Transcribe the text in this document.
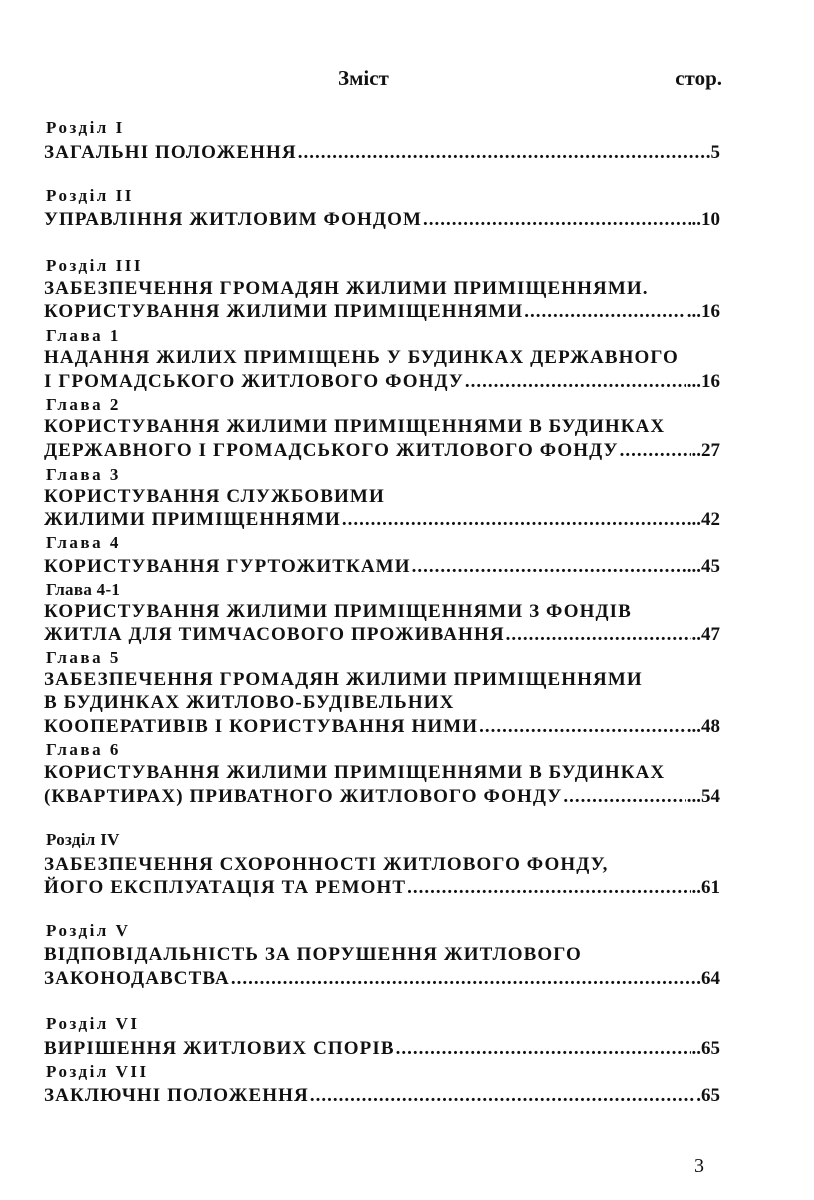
Зміст	стор.
Розділ I
ЗАГАЛЬНІ ПОЛОЖЕННЯ .....	.5
Розділ II
УПРАВЛІННЯ ЖИТЛОВИМ ФОНДОМ .....	..10
Розділ III
ЗАБЕЗПЕЧЕННЯ ГРОМАДЯН ЖИЛИМИ ПРИМІЩЕННЯМИ.
КОРИСТУВАННЯ ЖИЛИМИ ПРИМІЩЕННЯМИ .....	...16
Глава 1
НАДАННЯ ЖИЛИХ ПРИМІЩЕНЬ У БУДИНКАХ ДЕРЖАВНОГО
І ГРОМАДСЬКОГО ЖИТЛОВОГО ФОНДУ .....	...16
Глава 2
КОРИСТУВАННЯ ЖИЛИМИ ПРИМІЩЕННЯМИ В БУДИНКАХ
ДЕРЖАВНОГО І ГРОМАДСЬКОГО ЖИТЛОВОГО ФОНДУ .....	..27
Глава 3
КОРИСТУВАННЯ СЛУЖБОВИМИ
ЖИЛИМИ ПРИМІЩЕННЯМИ .....	...42
Глава 4
КОРИСТУВАННЯ ГУРТОЖИТКАМИ .....	...45
Глава 4-1
КОРИСТУВАННЯ ЖИЛИМИ ПРИМІЩЕННЯМИ З ФОНДІВ
ЖИТЛА ДЛЯ ТИМЧАСОВОГО ПРОЖИВАННЯ .....	..47
Глава 5
ЗАБЕЗПЕЧЕННЯ ГРОМАДЯН ЖИЛИМИ ПРИМІЩЕННЯМИ
В БУДИНКАХ ЖИТЛОВО-БУДІВЕЛЬНИХ
КООПЕРАТИВІВ І КОРИСТУВАННЯ НИМИ .....	...48
Глава 6
КОРИСТУВАННЯ ЖИЛИМИ ПРИМІЩЕННЯМИ В БУДИНКАХ
(КВАРТИРАХ) ПРИВАТНОГО ЖИТЛОВОГО ФОНДУ .....	...54
Розділ IV
ЗАБЕЗПЕЧЕННЯ СХОРОННОСТІ ЖИТЛОВОГО ФОНДУ,
ЙОГО ЕКСПЛУАТАЦІЯ ТА РЕМОНТ .....	..61
Розділ V
ВІДПОВІДАЛЬНІСТЬ ЗА ПОРУШЕННЯ ЖИТЛОВОГО
ЗАКОНОДАВСТВА .....	.64
Розділ VI
ВИРІШЕННЯ ЖИТЛОВИХ СПОРІВ .....	..65
Розділ VII
ЗАКЛЮЧНІ ПОЛОЖЕННЯ .....	.65
3
